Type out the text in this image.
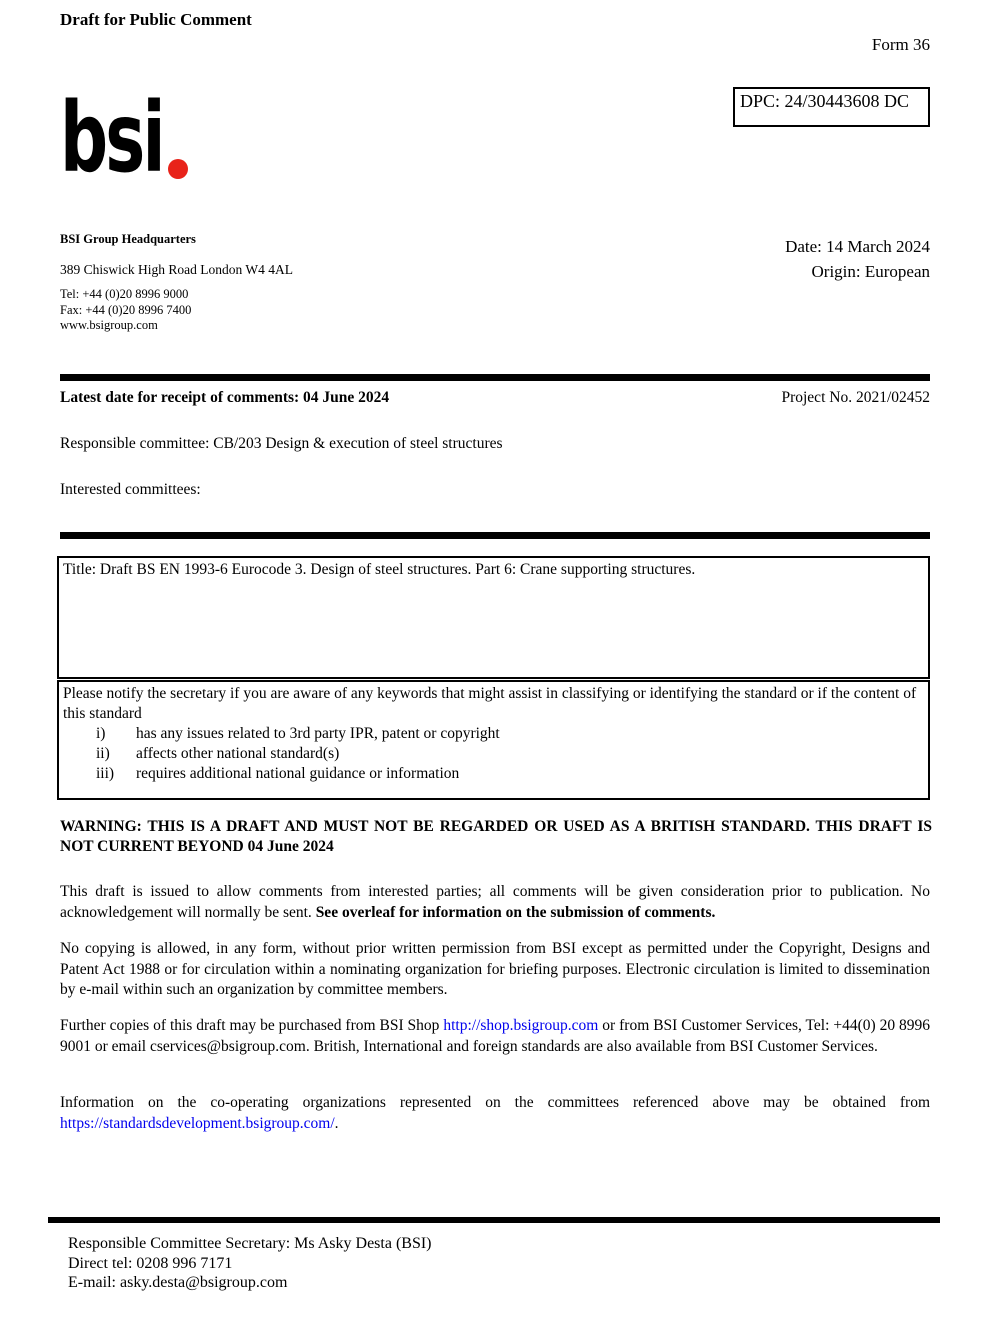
Draft for Public Comment
Form 36
DPC: 24/30443608 DC
bsi
BSI Group Headquarters
389 Chiswick High Road London W4 4AL
Tel: +44 (0)20 8996 9000
Fax: +44 (0)20 8996 7400
www.bsigroup.com
Date: 14 March 2024
Origin: European
Latest date for receipt of comments: 04 June 2024	Project No. 2021/02452
Responsible committee: CB/203 Design & execution of steel structures
Interested committees:
Title: Draft BS EN 1993-6 Eurocode 3. Design of steel structures. Part 6: Crane supporting structures.
Please notify the secretary if you are aware of any keywords that might assist in classifying or identifying the standard or if the content of this standard
i)	has any issues related to 3rd party IPR, patent or copyright
ii)	affects other national standard(s)
iii)	requires additional national guidance or information
WARNING: THIS IS A DRAFT AND MUST NOT BE REGARDED OR USED AS A BRITISH STANDARD. THIS DRAFT IS NOT CURRENT BEYOND 04 June 2024

This draft is issued to allow comments from interested parties; all comments will be given consideration prior to publication. No acknowledgement will normally be sent. See overleaf for information on the submission of comments.

No copying is allowed, in any form, without prior written permission from BSI except as permitted under the Copyright, Designs and Patent Act 1988 or for circulation within a nominating organization for briefing purposes. Electronic circulation is limited to dissemination by e-mail within such an organization by committee members.

Further copies of this draft may be purchased from BSI Shop http://shop.bsigroup.com or from BSI Customer Services, Tel: +44(0) 20 8996 9001 or email cservices@bsigroup.com. British, International and foreign standards are also available from BSI Customer Services.

Information on the co-operating organizations represented on the committees referenced above may be obtained from https://standardsdevelopment.bsigroup.com/.

Responsible Committee Secretary: Ms Asky Desta (BSI)
Direct tel: 0208 996 7171
E-mail: asky.desta@bsigroup.com
